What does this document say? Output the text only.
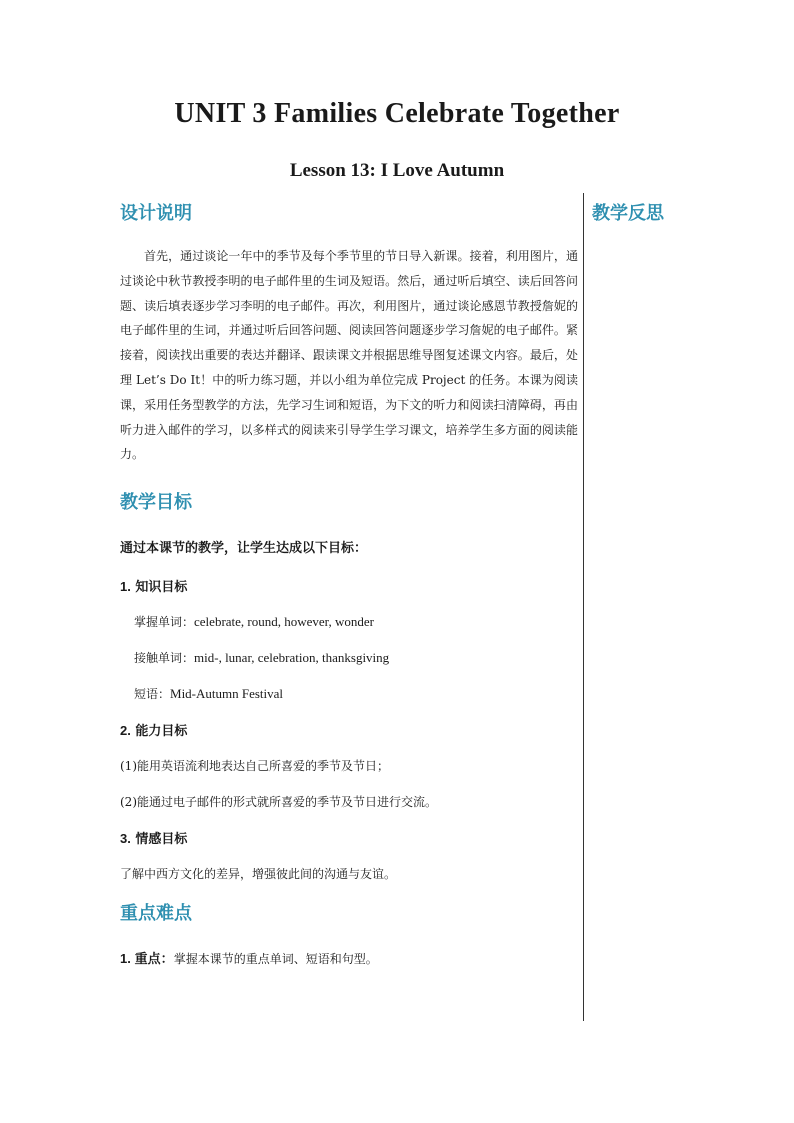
UNIT 3 Families Celebrate Together
Lesson 13: I Love Autumn

教学反思

设计说明

首先，通过谈论一年中的季节及每个季节里的节日导入新课。接着，利用图片，通过谈论中秋节教授李明的电子邮件里的生词及短语。然后，通过听后填空、读后回答问题、读后填表逐步学习李明的电子邮件。再次，利用图片，通过谈论感恩节教授詹妮的电子邮件里的生词，并通过听后回答问题、阅读回答问题逐步学习詹妮的电子邮件。紧接着，阅读找出重要的表达并翻译、跟读课文并根据思维导图复述课文内容。最后，处理 Let’s Do It！中的听力练习题，并以小组为单位完成 Project 的任务。本课为阅读课，采用任务型教学的方法，先学习生词和短语，为下文的听力和阅读扫清障碍，再由听力进入邮件的学习，以多样式的阅读来引导学生学习课文，培养学生多方面的阅读能力。

教学目标

通过本课节的教学，让学生达成以下目标：

1. 知识目标

掌握单词：celebrate, round, however, wonder

接触单词：mid-, lunar, celebration, thanksgiving

短语：Mid-Autumn Festival

2. 能力目标

(1)能用英语流利地表达自己所喜爱的季节及节日；

(2)能通过电子邮件的形式就所喜爱的季节及节日进行交流。

3. 情感目标

了解中西方文化的差异，增强彼此间的沟通与友谊。

重点难点

1. 重点：掌握本课节的重点单词、短语和句型。
